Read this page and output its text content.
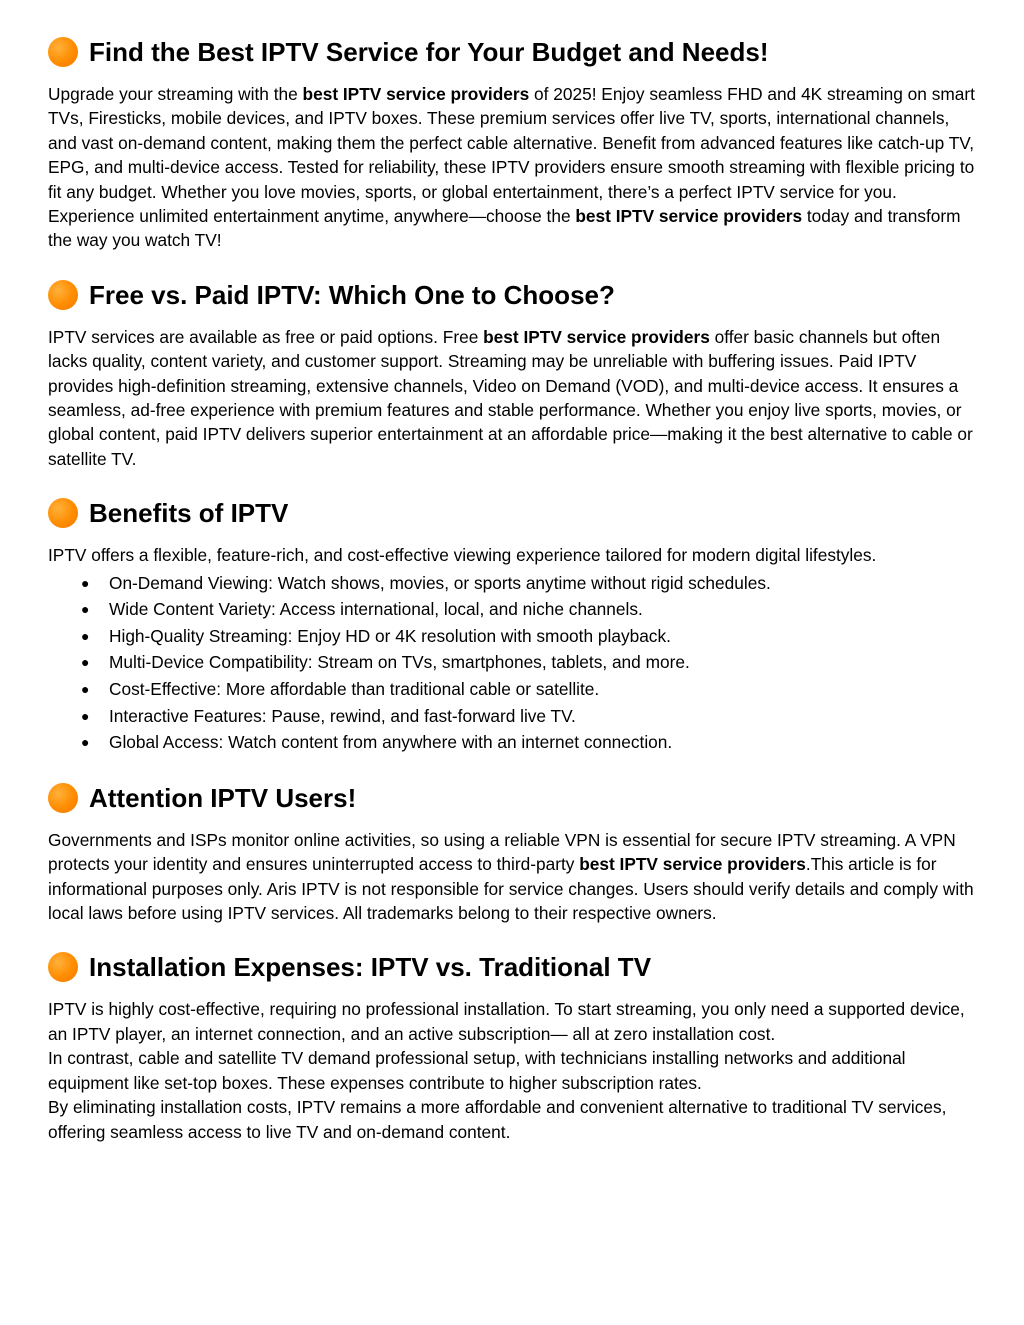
Find the Best IPTV Service for Your Budget and Needs!

Upgrade your streaming with the best IPTV service providers of 2025! Enjoy seamless FHD and 4K streaming on smart TVs, Firesticks, mobile devices, and IPTV boxes. These premium services offer live TV, sports, international channels, and vast on-demand content, making them the perfect cable alternative. Benefit from advanced features like catch-up TV, EPG, and multi-device access. Tested for reliability, these IPTV providers ensure smooth streaming with flexible pricing to fit any budget. Whether you love movies, sports, or global entertainment, there’s a perfect IPTV service for you. Experience unlimited entertainment anytime, anywhere—choose the best IPTV service providers today and transform the way you watch TV!

Free vs. Paid IPTV: Which One to Choose?

IPTV services are available as free or paid options. Free best IPTV service providers offer basic channels but often lacks quality, content variety, and customer support. Streaming may be unreliable with buffering issues. Paid IPTV provides high-definition streaming, extensive channels, Video on Demand (VOD), and multi-device access. It ensures a seamless, ad-free experience with premium features and stable performance. Whether you enjoy live sports, movies, or global content, paid IPTV delivers superior entertainment at an affordable price—making it the best alternative to cable or satellite TV.

Benefits of IPTV

IPTV offers a flexible, feature-rich, and cost-effective viewing experience tailored for modern digital lifestyles.

● On-Demand Viewing: Watch shows, movies, or sports anytime without rigid schedules.
● Wide Content Variety: Access international, local, and niche channels.
● High-Quality Streaming: Enjoy HD or 4K resolution with smooth playback.
● Multi-Device Compatibility: Stream on TVs, smartphones, tablets, and more.
● Cost-Effective: More affordable than traditional cable or satellite.
● Interactive Features: Pause, rewind, and fast-forward live TV.
● Global Access: Watch content from anywhere with an internet connection.
Attention IPTV Users!

Governments and ISPs monitor online activities, so using a reliable VPN is essential for secure IPTV streaming. A VPN protects your identity and ensures uninterrupted access to third-party best IPTV service providers.This article is for informational purposes only. Aris IPTV is not responsible for service changes. Users should verify details and comply with local laws before using IPTV services. All trademarks belong to their respective owners.

Installation Expenses: IPTV vs. Traditional TV

IPTV is highly cost-effective, requiring no professional installation. To start streaming, you only need a supported device, an IPTV player, an internet connection, and an active subscription— all at zero installation cost.

In contrast, cable and satellite TV demand professional setup, with technicians installing networks and additional equipment like set-top boxes. These expenses contribute to higher subscription rates.

By eliminating installation costs, IPTV remains a more affordable and convenient alternative to traditional TV services, offering seamless access to live TV and on-demand content.
